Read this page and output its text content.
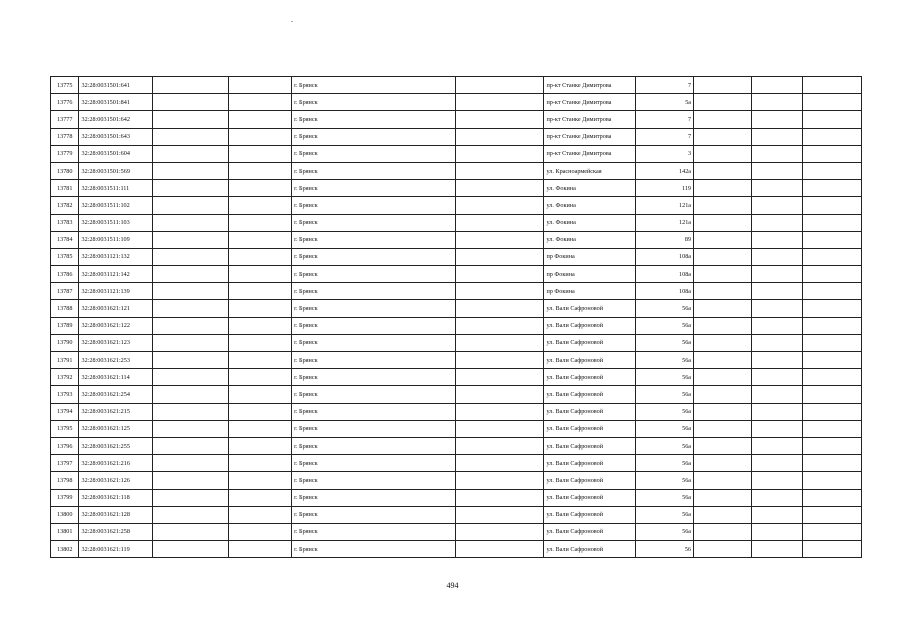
13775	32:28:0031501:641			г. Брянск		пр-кт Станке Димитрова	7			
13776	32:28:0031501:841			г. Брянск		пр-кт Станке Димитрова	5а			
13777	32:28:0031501:642			г. Брянск		пр-кт Станке Димитрова	7			
13778	32:28:0031501:643			г. Брянск		пр-кт Станке Димитрова	7			
13779	32:28:0031501:604			г. Брянск		пр-кт Станке Димитрова	3			
13780	32:28:0031501:569			г. Брянск		ул. Красноармейская	142а			
13781	32:28:0031511:111			г. Брянск		ул. Фокина	119			
13782	32:28:0031511:102			г. Брянск		ул. Фокина	121а			
13783	32:28:0031511:103			г. Брянск		ул. Фокина	121а			
13784	32:28:0031511:109			г. Брянск		ул. Фокина	89			
13785	32:28:0031121:132			г. Брянск		пр Фокина	108а			
13786	32:28:0031121:142			г. Брянск		пр Фокина	108а			
13787	32:28:0031121:139			г. Брянск		пр Фокина	108а			
13788	32:28:0031621:121			г. Брянск		ул. Вали Сафроновой	56а			
13789	32:28:0031621:122			г. Брянск		ул. Вали Сафроновой	56а			
13790	32:28:0031621:123			г. Брянск		ул. Вали Сафроновой	56а			
13791	32:28:0031621:253			г. Брянск		ул. Вали Сафроновой	56а			
13792	32:28:0031621:114			г. Брянск		ул. Вали Сафроновой	56а			
13793	32:28:0031621:254			г. Брянск		ул. Вали Сафроновой	56а			
13794	32:28:0031621:215			г. Брянск		ул. Вали Сафроновой	56а			
13795	32:28:0031621:125			г. Брянск		ул. Вали Сафроновой	56а			
13796	32:28:0031621:255			г. Брянск		ул. Вали Сафроновой	56а			
13797	32:28:0031621:216			г. Брянск		ул. Вали Сафроновой	56а			
13798	32:28:0031621:126			г. Брянск		ул. Вали Сафроновой	56а			
13799	32:28:0031621:118			г. Брянск		ул. Вали Сафроновой	56а			
13800	32:28:0031621:128			г. Брянск		ул. Вали Сафроновой	56а			
13801	32:28:0031621:258			г. Брянск		ул. Вали Сафроновой	56а			
13802	32:28:0031621:119			г. Брянск		ул. Вали Сафроновой	56			
494
